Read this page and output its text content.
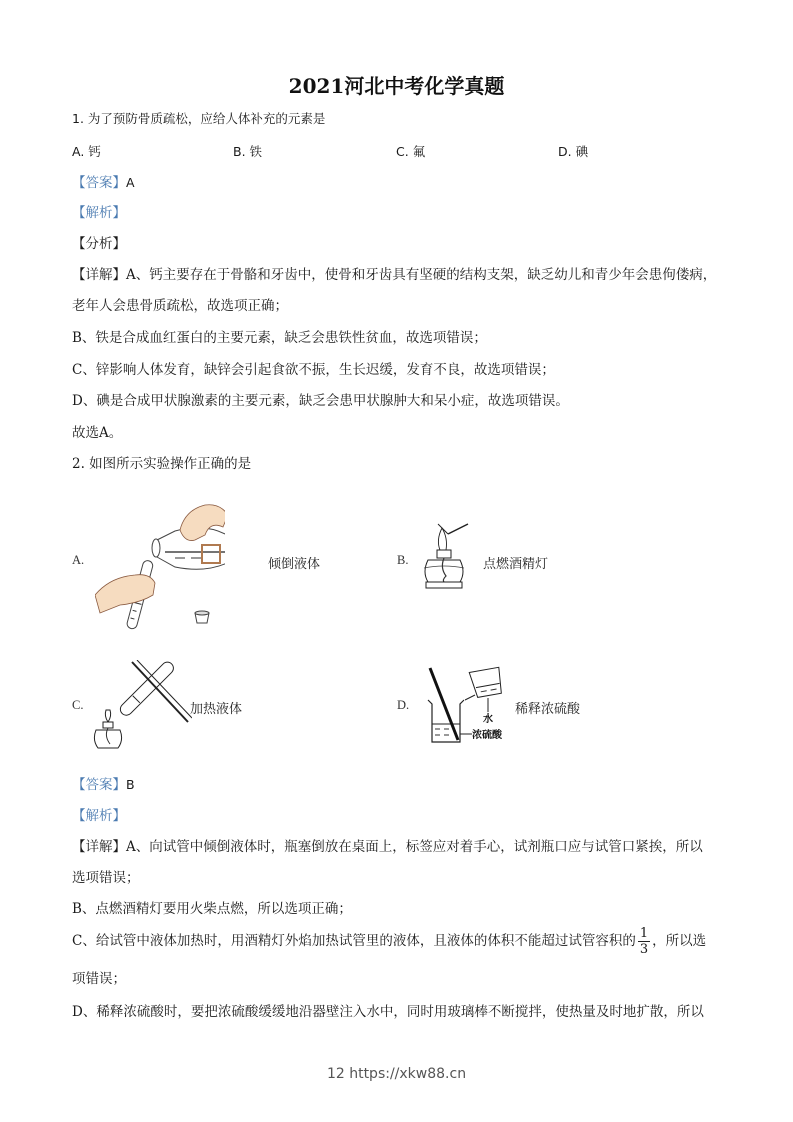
2021河北中考化学真题
1. 为了预防骨质疏松，应给人体补充的元素是
A. 钙	B. 铁	C. 氟	D. 碘
【答案】A
【解析】
【分析】
【详解】A、钙主要存在于骨骼和牙齿中，使骨和牙齿具有坚硬的结构支架，缺乏幼儿和青少年会患佝偻病，
老年人会患骨质疏松，故选项正确；
B、铁是合成血红蛋白的主要元素，缺乏会患铁性贫血，故选项错误；
C、锌影响人体发育，缺锌会引起食欲不振，生长迟缓，发育不良，故选项错误；
D、碘是合成甲状腺激素的主要元素，缺乏会患甲状腺肿大和呆小症，故选项错误。
故选A。
2. 如图所示实验操作正确的是
A.	倾倒液体	B.	点燃酒精灯
C.	加热液体	D.
水
浓硫酸
稀释浓硫酸
【答案】B
【解析】
【详解】A、向试管中倾倒液体时，瓶塞倒放在桌面上，标签应对着手心，试剂瓶口应与试管口紧挨，所以
选项错误；
B、点燃酒精灯要用火柴点燃，所以选项正确；
C、给试管中液体加热时，用酒精灯外焰加热试管里的液体，且液体的体积不能超过试管容积的 $\frac{1}{3}$ ，所以选
项错误；
D、稀释浓硫酸时，要把浓硫酸缓缓地沿器壁注入水中，同时用玻璃棒不断搅拌，使热量及时地扩散，所以
12 https://xkw88.cn
